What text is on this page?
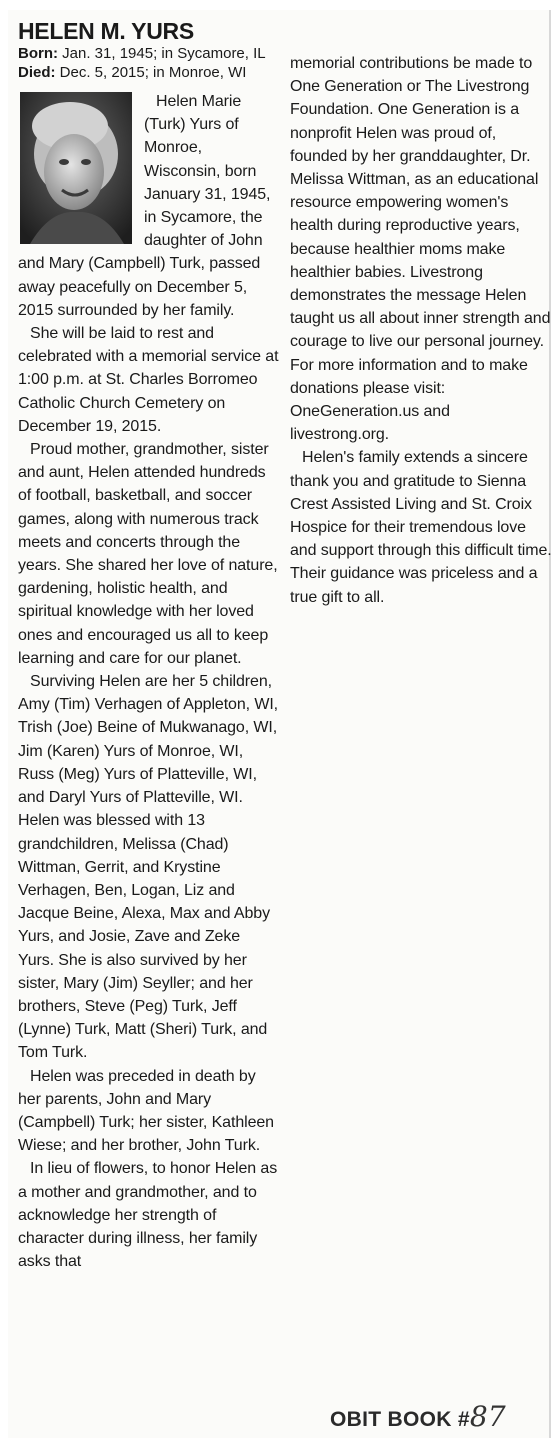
HELEN M. YURS
Born: Jan. 31, 1945; in Sycamore, IL
Died: Dec. 5, 2015; in Monroe, WI

Helen Marie (Turk) Yurs of Monroe, Wisconsin, born January 31, 1945, in Sycamore, the daughter of John and Mary (Campbell) Turk, passed away peacefully on December 5, 2015 surrounded by her family.

She will be laid to rest and celebrated with a memorial service at 1:00 p.m. at St. Charles Borromeo Catholic Church Cemetery on December 19, 2015.

Proud mother, grandmother, sister and aunt, Helen attended hundreds of football, basketball, and soccer games, along with numerous track meets and concerts through the years. She shared her love of nature, gardening, holistic health, and spiritual knowledge with her loved ones and encouraged us all to keep learning and care for our planet.

Surviving Helen are her 5 children, Amy (Tim) Verhagen of Appleton, WI, Trish (Joe) Beine of Mukwanago, WI, Jim (Karen) Yurs of Monroe, WI, Russ (Meg) Yurs of Platteville, WI, and Daryl Yurs of Platteville, WI. Helen was blessed with 13 grandchildren, Melissa (Chad) Wittman, Gerrit, and Krystine Verhagen, Ben, Logan, Liz and Jacque Beine, Alexa, Max and Abby Yurs, and Josie, Zave and Zeke Yurs. She is also survived by her sister, Mary (Jim) Seyller; and her brothers, Steve (Peg) Turk, Jeff (Lynne) Turk, Matt (Sheri) Turk, and Tom Turk.

Helen was preceded in death by her parents, John and Mary (Campbell) Turk; her sister, Kathleen Wiese; and her brother, John Turk.

In lieu of flowers, to honor Helen as a mother and grandmother, and to acknowledge her strength of character during illness, her family asks that

memorial contributions be made to One Generation or The Livestrong Foundation. One Generation is a nonprofit Helen was proud of, founded by her granddaughter, Dr. Melissa Wittman, as an educational resource empowering women's health during reproductive years, because healthier moms make healthier babies. Livestrong demonstrates the message Helen taught us all about inner strength and courage to live our personal journey. For more information and to make donations please visit: OneGeneration.us and livestrong.org.

Helen's family extends a sincere thank you and gratitude to Sienna Crest Assisted Living and St. Croix Hospice for their tremendous love and support through this difficult time. Their guidance was priceless and a true gift to all.

OBIT BOOK #87
